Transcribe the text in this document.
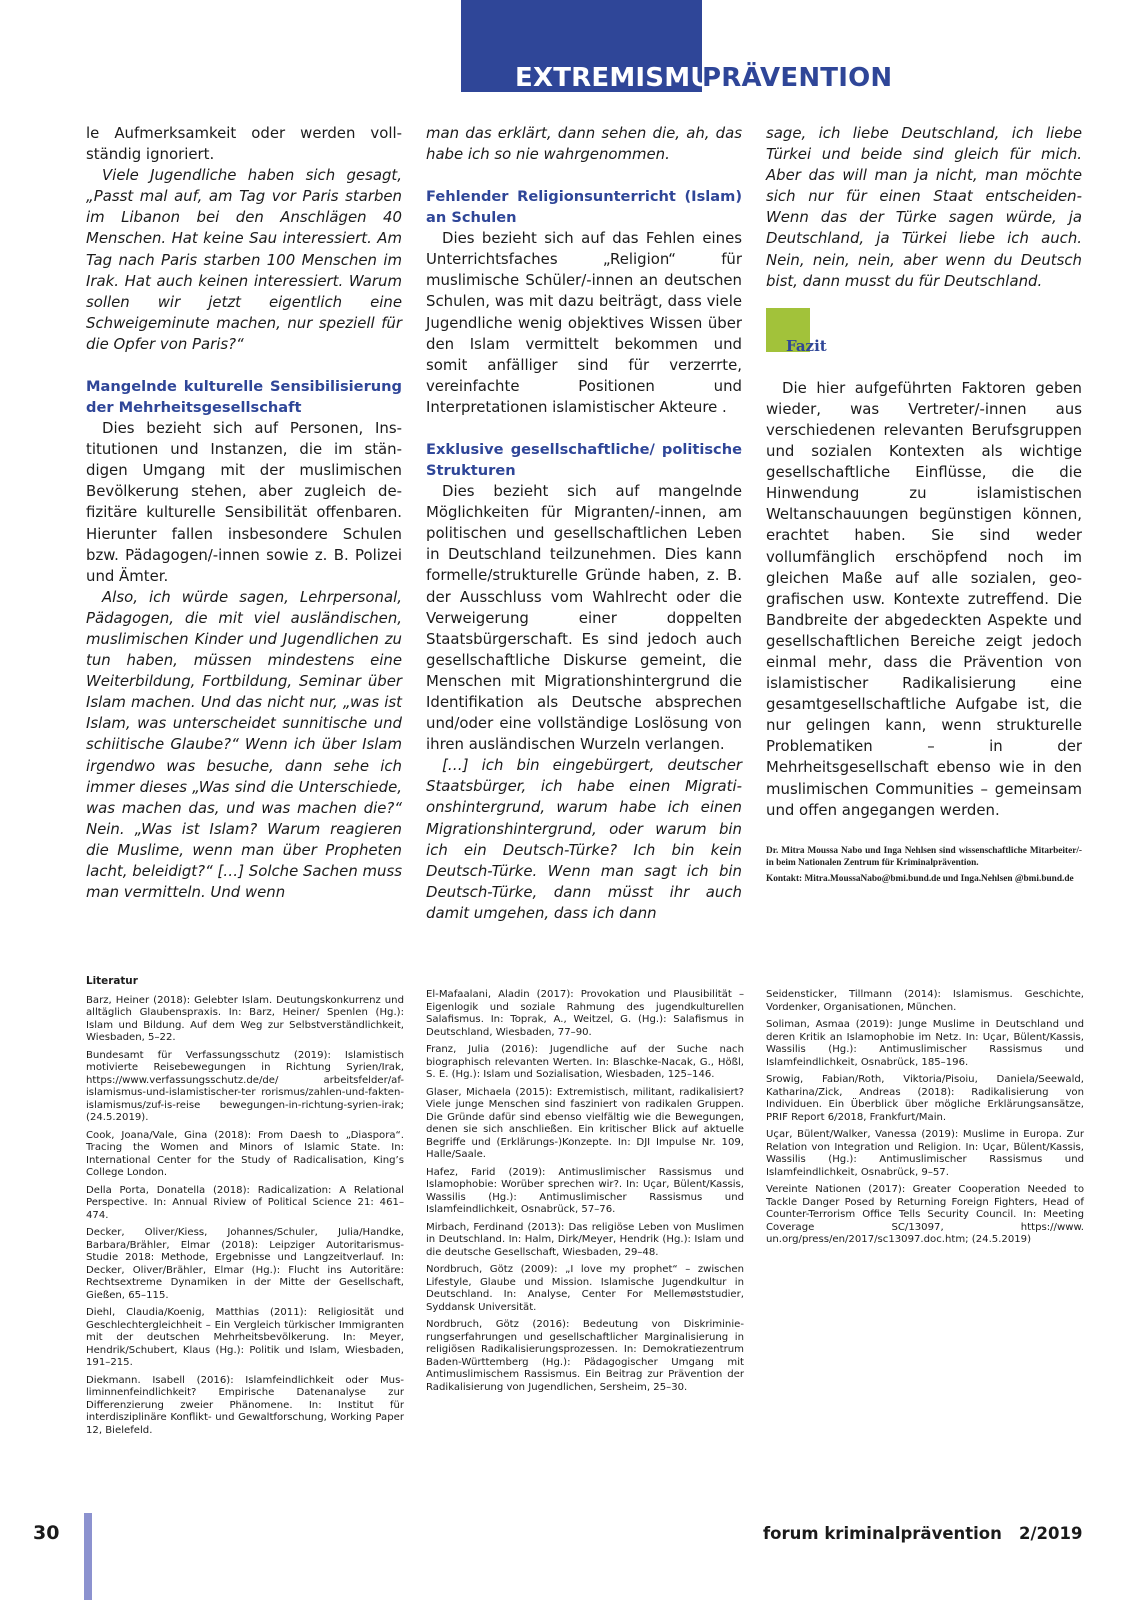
EXTREMISMUS
PRÄVENTION

le Aufmerksamkeit oder werden vollständig ignoriert.

Viele Jugendliche haben sich gesagt, „Passt mal auf, am Tag vor Paris starben im Libanon bei den Anschlägen 40 Menschen. Hat keine Sau interessiert. Am Tag nach Paris starben 100 Menschen im Irak. Hat auch keinen interessiert. Warum sollen wir jetzt eigentlich eine Schweigeminute machen, nur speziell für die Opfer von Paris?“

Mangelnde kulturelle Sensibilisierung der Mehrheitsgesellschaft

Dies bezieht sich auf Personen, Institutionen und Instanzen, die im ständigen Umgang mit der muslimischen Bevölkerung stehen, aber zugleich defizitäre kulturelle Sensibilität offenbaren. Hierunter fallen insbesondere Schulen bzw. Pädagogen/-innen sowie z. B. Polizei und Ämter.

Also, ich würde sagen, Lehrpersonal, Pädagogen, die mit viel ausländischen, muslimischen Kinder und Jugendlichen zu tun haben, müssen mindestens eine Weiterbildung, Fortbildung, Seminar über Islam machen. Und das nicht nur, „was ist Islam, was unterscheidet sunnitische und schiitische Glaube?“ Wenn ich über Islam irgendwo was besuche, dann sehe ich immer dieses „Was sind die Unterschiede, was machen das, und was machen die?“ Nein. „Was ist Islam? Warum reagieren die Muslime, wenn man über Propheten lacht, beleidigt?“ […] Solche Sachen muss man vermitteln. Und wenn

man das erklärt, dann sehen die, ah, das habe ich so nie wahrgenommen.

Fehlender Religionsunterricht (Islam) an Schulen

Dies bezieht sich auf das Fehlen eines Unterrichtsfaches „Religion“ für muslimische Schüler/-innen an deutschen Schulen, was mit dazu beiträgt, dass viele Jugendliche wenig objektives Wissen über den Islam vermittelt bekommen und somit anfälliger sind für verzerrte, vereinfachte Positionen und Interpretationen islamistischer Akteure .

Exklusive gesellschaftliche/ politische Strukturen

Dies bezieht sich auf mangelnde Möglichkeiten für Migranten/-innen, am politischen und gesellschaftlichen Leben in Deutschland teilzunehmen. Dies kann formelle/strukturelle Gründe haben, z. B. der Ausschluss vom Wahlrecht oder die Verweigerung einer doppelten Staatsbürgerschaft. Es sind jedoch auch gesellschaftliche Diskurse gemeint, die Menschen mit Migrationshintergrund die Identifikation als Deutsche absprechen und/oder eine vollständige Loslösung von ihren ausländischen Wurzeln verlangen.

[…] ich bin eingebürgert, deutscher Staatsbürger, ich habe einen Migrationshintergrund, warum habe ich einen Migrationshintergrund, oder warum bin ich ein Deutsch-Türke? Ich bin kein Deutsch-Türke. Wenn man sagt ich bin Deutsch-Türke, dann müsst ihr auch damit umgehen, dass ich dann

sage, ich liebe Deutschland, ich liebe Türkei und beide sind gleich für mich. Aber das will man ja nicht, man möchte sich nur für einen Staat entscheiden- Wenn das der Türke sagen würde, ja Deutschland, ja Türkei liebe ich auch. Nein, nein, nein, aber wenn du Deutsch bist, dann musst du für Deutschland.

Fazit

Die hier aufgeführten Faktoren geben wieder, was Vertreter/-innen aus verschiedenen relevanten Berufsgruppen und sozialen Kontexten als wichtige gesellschaftliche Einflüsse, die die Hinwendung zu islamistischen Weltanschauungen begünstigen können, erachtet haben. Sie sind weder vollumfänglich erschöpfend noch im gleichen Maße auf alle sozialen, geografischen usw. Kontexte zutreffend. Die Bandbreite der abgedeckten Aspekte und gesellschaftlichen Bereiche zeigt jedoch einmal mehr, dass die Prävention von islamistischer Radikalisierung eine gesamtgesellschaftliche Aufgabe ist, die nur gelingen kann, wenn strukturelle Problematiken – in der Mehrheitsgesellschaft ebenso wie in den muslimischen Communities – gemeinsam und offen angegangen werden.

Dr. Mitra Moussa Nabo und Inga Nehlsen sind wissenschaftliche Mitarbeiter/-in beim Nationalen Zentrum für Kriminalprävention.

Kontakt: Mitra.MoussaNabo@bmi.bund.de und Inga.Nehlsen @bmi.bund.de

Literatur
Barz, Heiner (2018): Gelebter Islam. Deutungskonkurrenz und alltäglich Glaubenspraxis. In: Barz, Heiner/ Spenlen (Hg.): Islam und Bildung. Auf dem Weg zur Selbstverständlichkeit, Wiesbaden, 5–22.
Bundesamt für Verfassungsschutz (2019): Islamistisch motivierte Reisebewegungen in Richtung Syrien/Irak, https://www.verfassungsschutz.de/de/ arbeitsfelder/af-islamismus-und-islamistischer-ter rorismus/zahlen-und-fakten-islamismus/zuf-is-reise bewegungen-in-richtung-syrien-irak; (24.5.2019).
Cook, Joana/Vale, Gina (2018): From Daesh to „Diaspora“. Tracing the Women and Minors of Islamic State. In: International Center for the Study of Radicalisation, King’s College London.
Della Porta, Donatella (2018): Radicalization: A Relational Perspective. In: Annual Riview of Political Science 21: 461–474.
Decker, Oliver/Kiess, Johannes/Schuler, Julia/Handke, Barbara/Brähler, Elmar (2018): Leipziger Autoritarismus-Studie 2018: Methode, Ergebnisse und Langzeitverlauf. In: Decker, Oliver/Brähler, Elmar (Hg.): Flucht ins Autoritäre: Rechtsextreme Dynamiken in der Mitte der Gesellschaft, Gießen, 65–115.
Diehl, Claudia/Koenig, Matthias (2011): Religiosität und Geschlechtergleichheit – Ein Vergleich türkischer Immigranten mit der deutschen Mehrheitsbevölkerung. In: Meyer, Hendrik/Schubert, Klaus (Hg.): Politik und Islam, Wiesbaden, 191–215.
Diekmann. Isabell (2016): Islamfeindlichkeit oder Musliminnenfeindlichkeit? Empirische Datenanalyse zur Differenzierung zweier Phänomene. In: Institut für interdisziplinäre Konflikt- und Gewaltforschung, Working Paper 12, Bielefeld.
El-Mafaalani, Aladin (2017): Provokation und Plausibilität – Eigenlogik und soziale Rahmung des jugendkulturellen Salafismus. In: Toprak, A., Weitzel, G. (Hg.): Salafismus in Deutschland, Wiesbaden, 77–90.
Franz, Julia (2016): Jugendliche auf der Suche nach biographisch relevanten Werten. In: Blaschke-Nacak, G., Hößl, S. E. (Hg.): Islam und Sozialisation, Wiesbaden, 125–146.
Glaser, Michaela (2015): Extremistisch, militant, radikalisiert? Viele junge Menschen sind fasziniert von radikalen Gruppen. Die Gründe dafür sind ebenso vielfältig wie die Bewegungen, denen sie sich anschließen. Ein kritischer Blick auf aktuelle Begriffe und (Erklärungs-)Konzepte. In: DJI Impulse Nr. 109, Halle/Saale.
Hafez, Farid (2019): Antimuslimischer Rassismus und Islamophobie: Worüber sprechen wir?. In: Uçar, Bülent/Kassis, Wassilis (Hg.): Antimuslimischer Rassismus und Islamfeindlichkeit, Osnabrück, 57–76.
Mirbach, Ferdinand (2013): Das religiöse Leben von Muslimen in Deutschland. In: Halm, Dirk/Meyer, Hendrik (Hg.): Islam und die deutsche Gesellschaft, Wiesbaden, 29–48.
Nordbruch, Götz (2009): „I love my prophet“ – zwischen Lifestyle, Glaube und Mission. Islamische Jugendkultur in Deutschland. In: Analyse, Center For Mellemøststudier, Syddansk Universität.
Nordbruch, Götz (2016): Bedeutung von Diskriminierungserfahrungen und gesellschaftlicher Marginalisierung in religiösen Radikalisierungsprozessen. In: Demokratiezentrum Baden-Württemberg (Hg.): Pädagogischer Umgang mit Antimuslimischem Rassismus. Ein Beitrag zur Prävention der Radikalisierung von Jugendlichen, Sersheim, 25–30.
Seidensticker, Tillmann (2014): Islamismus. Geschichte, Vordenker, Organisationen, München.
Soliman, Asmaa (2019): Junge Muslime in Deutschland und deren Kritik an Islamophobie im Netz. In: Uçar, Bülent/Kassis, Wassilis (Hg.): Antimuslimischer Rassismus und Islamfeindlichkeit, Osnabrück, 185–196.
Srowig, Fabian/Roth, Viktoria/Pisoiu, Daniela/Seewald, Katharina/Zick, Andreas (2018): Radikalisierung von Individuen. Ein Überblick über mögliche Erklärungsansätze, PRIF Report 6/2018, Frankfurt/Main.
Uçar, Bülent/Walker, Vanessa (2019): Muslime in Europa. Zur Relation von Integration und Religion. In: Uçar, Bülent/Kassis, Wassilis (Hg.): Antimuslimischer Rassismus und Islamfeindlichkeit, Osnabrück, 9–57.
Vereinte Nationen (2017): Greater Cooperation Needed to Tackle Danger Posed by Returning Foreign Fighters, Head of Counter-Terrorism Office Tells Security Council. In: Meeting Coverage SC/13097, https://www. un.org/press/en/2017/sc13097.doc.htm; (24.5.2019)
30	forum kriminalprävention 2/2019
